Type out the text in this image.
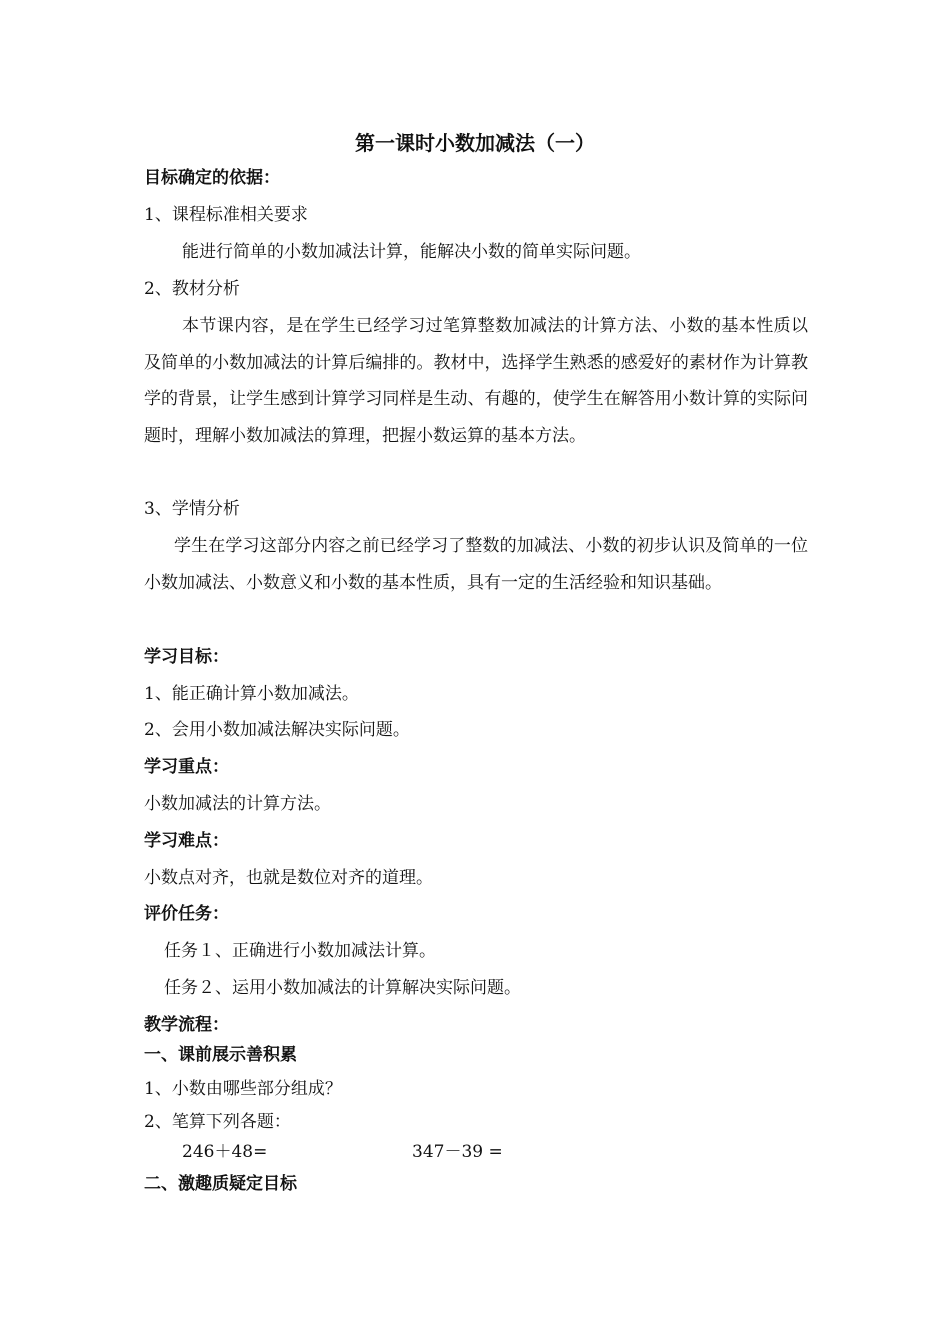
第一课时小数加减法（一）
目标确定的依据：
1、课程标准相关要求
能进行简单的小数加减法计算，能解决小数的简单实际问题。
2、教材分析
本节课内容，是在学生已经学习过笔算整数加减法的计算方法、小数的基本性质以及简单的小数加减法的计算后编排的。教材中，选择学生熟悉的感爱好的素材作为计算教学的背景，让学生感到计算学习同样是生动、有趣的，使学生在解答用小数计算的实际问题时，理解小数加减法的算理，把握小数运算的基本方法。
3、学情分析
学生在学习这部分内容之前已经学习了整数的加减法、小数的初步认识及简单的一位小数加减法、小数意义和小数的基本性质，具有一定的生活经验和知识基础。
学习目标：
1、能正确计算小数加减法。
2、会用小数加减法解决实际问题。
学习重点：
小数加减法的计算方法。
学习难点：
小数点对齐，也就是数位对齐的道理。
评价任务：
任务１、正确进行小数加减法计算。
任务２、运用小数加减法的计算解决实际问题。
教学流程：
一、课前展示善积累
1、小数由哪些部分组成？
2、笔算下列各题：
246＋48=	347－39 =
二、激趣质疑定目标
